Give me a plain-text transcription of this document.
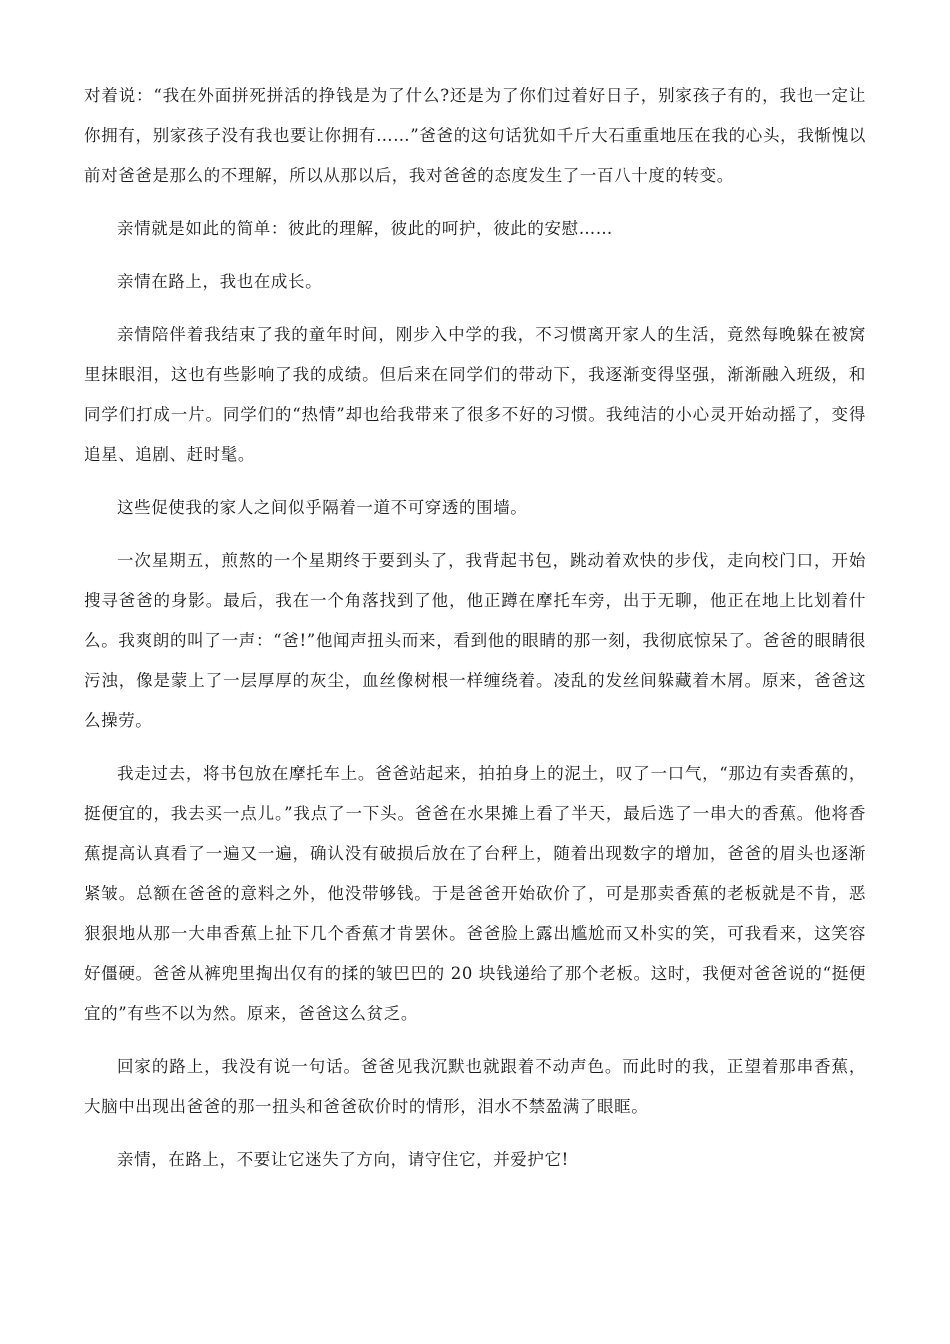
对着说：“我在外面拼死拼活的挣钱是为了什么?还是为了你们过着好日子，别家孩子有的，我也一定让你拥有，别家孩子没有我也要让你拥有……”爸爸的这句话犹如千斤大石重重地压在我的心头，我惭愧以前对爸爸是那么的不理解，所以从那以后，我对爸爸的态度发生了一百八十度的转变。

亲情就是如此的简单：彼此的理解，彼此的呵护，彼此的安慰……

亲情在路上，我也在成长。

亲情陪伴着我结束了我的童年时间，刚步入中学的我，不习惯离开家人的生活，竟然每晚躲在被窝里抹眼泪，这也有些影响了我的成绩。但后来在同学们的带动下，我逐渐变得坚强，渐渐融入班级，和同学们打成一片。同学们的“热情”却也给我带来了很多不好的习惯。我纯洁的小心灵开始动摇了，变得追星、追剧、赶时髦。

这些促使我的家人之间似乎隔着一道不可穿透的围墙。

一次星期五，煎熬的一个星期终于要到头了，我背起书包，跳动着欢快的步伐，走向校门口，开始搜寻爸爸的身影。最后，我在一个角落找到了他，他正蹲在摩托车旁，出于无聊，他正在地上比划着什么。我爽朗的叫了一声：“爸!”他闻声扭头而来，看到他的眼睛的那一刻，我彻底惊呆了。爸爸的眼睛很污浊，像是蒙上了一层厚厚的灰尘，血丝像树根一样缠绕着。凌乱的发丝间躲藏着木屑。原来，爸爸这么操劳。

我走过去，将书包放在摩托车上。爸爸站起来，拍拍身上的泥土，叹了一口气，“那边有卖香蕉的，挺便宜的，我去买一点儿。”我点了一下头。爸爸在水果摊上看了半天，最后选了一串大的香蕉。他将香蕉提高认真看了一遍又一遍，确认没有破损后放在了台秤上，随着出现数字的增加，爸爸的眉头也逐渐紧皱。总额在爸爸的意料之外，他没带够钱。于是爸爸开始砍价了，可是那卖香蕉的老板就是不肯，恶狠狠地从那一大串香蕉上扯下几个香蕉才肯罢休。爸爸脸上露出尴尬而又朴实的笑，可我看来，这笑容好僵硬。爸爸从裤兜里掏出仅有的揉的皱巴巴的 20 块钱递给了那个老板。这时，我便对爸爸说的“挺便宜的”有些不以为然。原来，爸爸这么贫乏。

回家的路上，我没有说一句话。爸爸见我沉默也就跟着不动声色。而此时的我，正望着那串香蕉，大脑中出现出爸爸的那一扭头和爸爸砍价时的情形，泪水不禁盈满了眼眶。

亲情，在路上，不要让它迷失了方向，请守住它，并爱护它!
